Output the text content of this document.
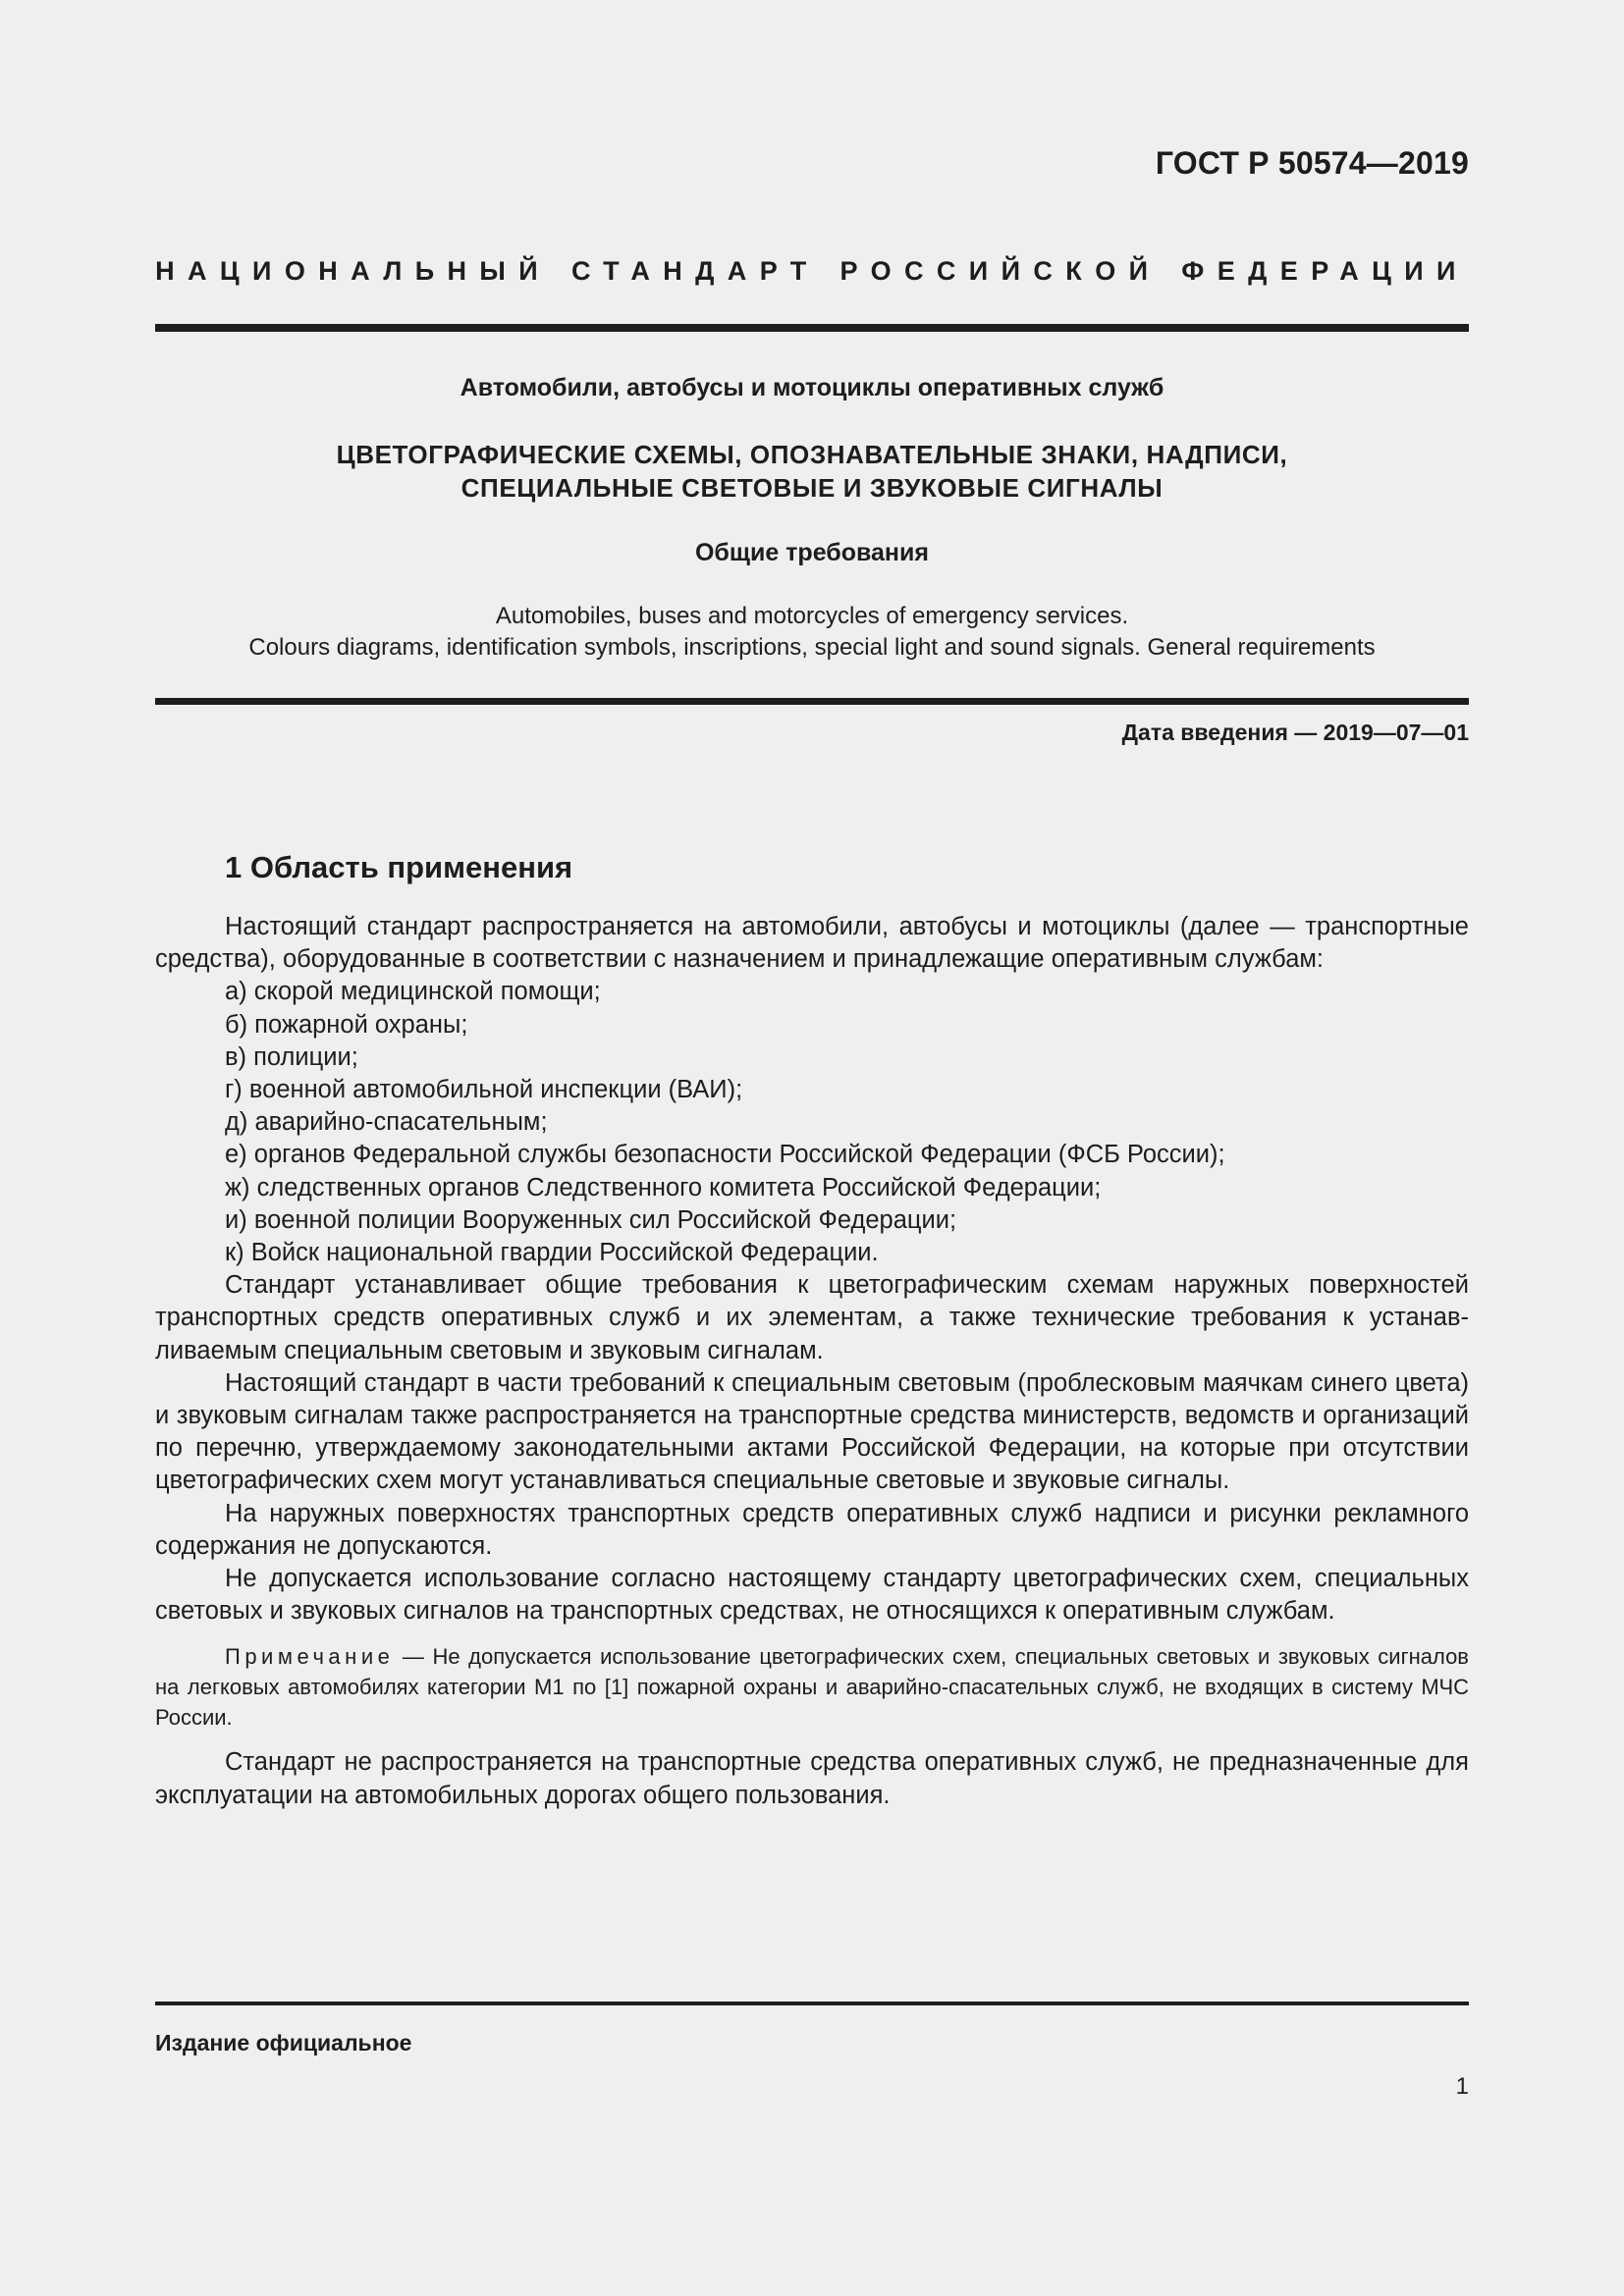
ГОСТ Р 50574—2019
НАЦИОНАЛЬНЫЙ СТАНДАРТ РОССИЙСКОЙ ФЕДЕРАЦИИ
Автомобили, автобусы и мотоциклы оперативных служб
ЦВЕТОГРАФИЧЕСКИЕ СХЕМЫ, ОПОЗНАВАТЕЛЬНЫЕ ЗНАКИ, НАДПИСИ,
СПЕЦИАЛЬНЫЕ СВЕТОВЫЕ И ЗВУКОВЫЕ СИГНАЛЫ
Общие требования
Automobiles, buses and motorcycles of emergency services.
Colours diagrams, identification symbols, inscriptions, special light and sound signals. General requirements
Дата введения — 2019—07—01
1 Область применения

Настоящий стандарт распространяется на автомобили, автобусы и мотоциклы (далее — транспортные средства), оборудованные в соответствии с назначением и принадлежащие оперативным службам:

а) скорой медицинской помощи;
б) пожарной охраны;
в) полиции;
г) военной автомобильной инспекции (ВАИ);
д) аварийно-спасательным;
е) органов Федеральной службы безопасности Российской Федерации (ФСБ России);
ж) следственных органов Следственного комитета Российской Федерации;
и) военной полиции Вооруженных сил Российской Федерации;
к) Войск национальной гвардии Российской Федерации.

Стандарт устанавливает общие требования к цветографическим схемам наружных поверхностей транспортных средств оперативных служб и их элементам, а также технические требования к устанавливаемым специальным световым и звуковым сигналам.

Настоящий стандарт в части требований к специальным световым (проблесковым маячкам синего цвета) и звуковым сигналам также распространяется на транспортные средства министерств, ведомств и организаций по перечню, утверждаемому законодательными актами Российской Федерации, на которые при отсутствии цветографических схем могут устанавливаться специальные световые и звуковые сигналы.

На наружных поверхностях транспортных средств оперативных служб надписи и рисунки рекламного содержания не допускаются.

Не допускается использование согласно настоящему стандарту цветографических схем, специальных световых и звуковых сигналов на транспортных средствах, не относящихся к оперативным службам.

Примечание — Не допускается использование цветографических схем, специальных световых и звуковых сигналов на легковых автомобилях категории М1 по [1] пожарной охраны и аварийно-спасательных служб, не входящих в систему МЧС России.

Стандарт не распространяется на транспортные средства оперативных служб, не предназначенные для эксплуатации на автомобильных дорогах общего пользования.

Издание официальное
1
